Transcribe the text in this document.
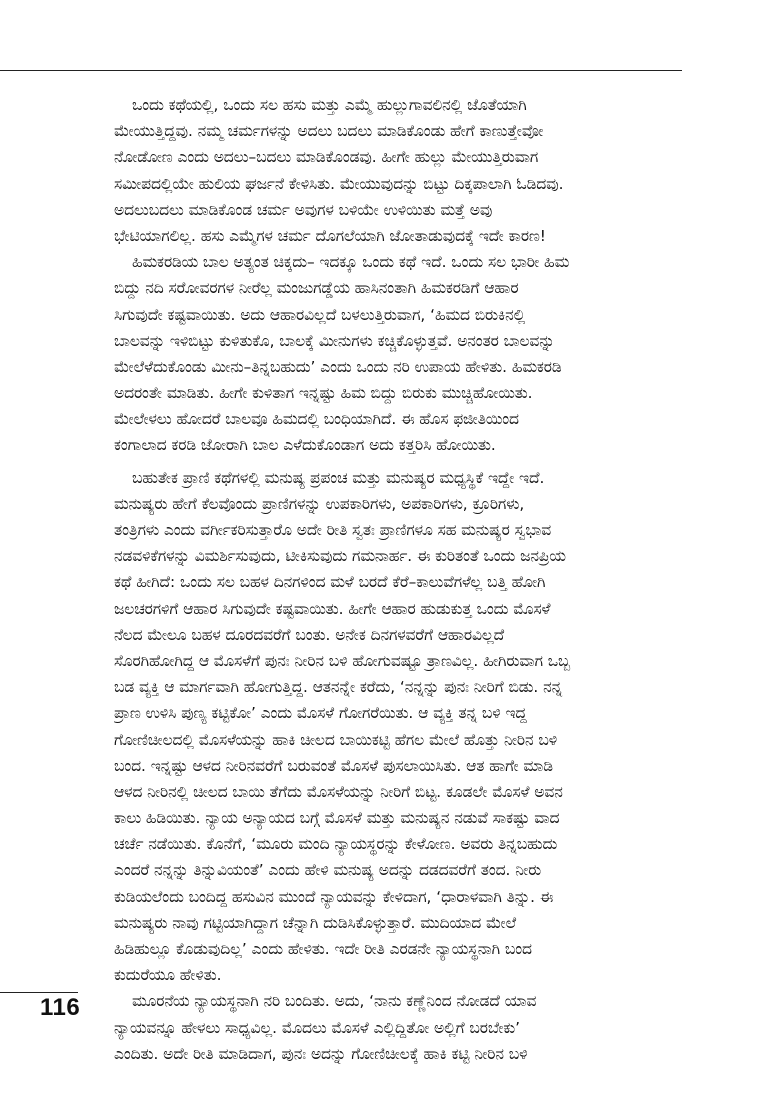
ಒಂದು ಕಥೆಯಲ್ಲಿ, ಒಂದು ಸಲ ಹಸು ಮತ್ತು ಎಮ್ಮೆ ಹುಲ್ಲುಗಾವಲಿನಲ್ಲಿ ಜೊತೆಯಾಗಿ
ಮೇಯುತ್ತಿದ್ದವು. ನಮ್ಮ ಚರ್ಮಗಳನ್ನು ಅದಲು ಬದಲು ಮಾಡಿಕೊಂಡು ಹೇಗೆ ಕಾಣುತ್ತೇವೋ
ನೋಡೋಣ ಎಂದು ಅದಲು–ಬದಲು ಮಾಡಿಕೊಂಡವು. ಹೀಗೇ ಹುಲ್ಲು ಮೇಯುತ್ತಿರುವಾಗ
ಸಮೀಪದಲ್ಲಿಯೇ ಹುಲಿಯ ಘರ್ಜನೆ ಕೇಳಿಸಿತು. ಮೇಯುವುದನ್ನು ಬಿಟ್ಟು ದಿಕ್ಕಪಾಲಾಗಿ ಓಡಿದವು.
ಅದಲುಬದಲು ಮಾಡಿಕೊಂಡ ಚರ್ಮ ಅವುಗಳ ಬಳಿಯೇ ಉಳಿಯಿತು ಮತ್ತೆ ಅವು
ಭೇಟಿಯಾಗಲಿಲ್ಲ. ಹಸು ಎಮ್ಮೆಗಳ ಚರ್ಮ ದೊಗಲೆಯಾಗಿ ಜೋತಾಡುವುದಕ್ಕೆ ಇದೇ ಕಾರಣ!
ಹಿಮಕರಡಿಯ ಬಾಲ ಅತ್ಯಂತ ಚಿಕ್ಕದು– ಇದಕ್ಕೂ ಒಂದು ಕಥೆ ಇದೆ. ಒಂದು ಸಲ ಭಾರೀ ಹಿಮ
ಬಿದ್ದು ನದಿ ಸರೋವರಗಳ ನೀರೆಲ್ಲ ಮಂಜುಗಡ್ಡೆಯ ಹಾಸಿನಂತಾಗಿ ಹಿಮಕರಡಿಗೆ ಆಹಾರ
ಸಿಗುವುದೇ ಕಷ್ಟವಾಯಿತು. ಅದು ಆಹಾರವಿಲ್ಲದೆ ಬಳಲುತ್ತಿರುವಾಗ, ‘ಹಿಮದ ಬಿರುಕಿನಲ್ಲಿ
ಬಾಲವನ್ನು ಇಳಿಬಿಟ್ಟು ಕುಳಿತುಕೊ, ಬಾಲಕ್ಕೆ ಮೀನುಗಳು ಕಚ್ಚಿಕೊಳ್ಳುತ್ತವೆ. ಅನಂತರ ಬಾಲವನ್ನು
ಮೇಲೆಳೆದುಕೊಂಡು ಮೀನು–ತಿನ್ನಬಹುದು’ ಎಂದು ಒಂದು ನರಿ ಉಪಾಯ ಹೇಳಿತು. ಹಿಮಕರಡಿ
ಅದರಂತೇ ಮಾಡಿತು. ಹೀಗೇ ಕುಳಿತಾಗ ಇನ್ನಷ್ಟು ಹಿಮ ಬಿದ್ದು ಬಿರುಕು ಮುಚ್ಚಿಹೋಯಿತು.
ಮೇಲೇಳಲು ಹೋದರೆ ಬಾಲವೂ ಹಿಮದಲ್ಲಿ ಬಂಧಿಯಾಗಿದೆ. ಈ ಹೊಸ ಫಜೀತಿಯಿಂದ
ಕಂಗಾಲಾದ ಕರಡಿ ಜೋರಾಗಿ ಬಾಲ ಎಳೆದುಕೊಂಡಾಗ ಅದು ಕತ್ತರಿಸಿ ಹೋಯಿತು.
ಬಹುತೇಕ ಪ್ರಾಣಿ ಕಥೆಗಳಲ್ಲಿ ಮನುಷ್ಯ ಪ್ರಪಂಚ ಮತ್ತು ಮನುಷ್ಯರ ಮಧ್ಯಸ್ಥಿಕೆ ಇದ್ದೇ ಇದೆ.
ಮನುಷ್ಯರು ಹೇಗೆ ಕೆಲವೊಂದು ಪ್ರಾಣಿಗಳನ್ನು ಉಪಕಾರಿಗಳು, ಅಪಕಾರಿಗಳು, ಕ್ರೂರಿಗಳು,
ತಂತ್ರಿಗಳು ಎಂದು ವರ್ಗೀಕರಿಸುತ್ತಾರೊ ಅದೇ ರೀತಿ ಸ್ವತಃ ಪ್ರಾಣಿಗಳೂ ಸಹ ಮನುಷ್ಯರ ಸ್ವಭಾವ
ನಡವಳಿಕೆಗಳನ್ನು ವಿಮರ್ಶಿಸುವುದು, ಟೀಕಿಸುವುದು ಗಮನಾರ್ಹ. ಈ ಕುರಿತಂತೆ ಒಂದು ಜನಪ್ರಿಯ
ಕಥೆ ಹೀಗಿದೆ: ಒಂದು ಸಲ ಬಹಳ ದಿನಗಳಿಂದ ಮಳೆ ಬರದೆ ಕೆರೆ–ಕಾಲುವೆಗಳೆಲ್ಲ ಬತ್ತಿ ಹೋಗಿ
ಜಲಚರಗಳಿಗೆ ಆಹಾರ ಸಿಗುವುದೇ ಕಷ್ಟವಾಯಿತು. ಹೀಗೇ ಆಹಾರ ಹುಡುಕುತ್ತ ಒಂದು ಮೊಸಳೆ
ನೆಲದ ಮೇಲೂ ಬಹಳ ದೂರದವರೆಗೆ ಬಂತು. ಅನೇಕ ದಿನಗಳವರೆಗೆ ಆಹಾರವಿಲ್ಲದೆ
ಸೊರಗಿಹೋಗಿದ್ದ ಆ ಮೊಸಳೆಗೆ ಪುನಃ ನೀರಿನ ಬಳಿ ಹೋಗುವಷ್ಟೂ ತ್ರಾಣವಿಲ್ಲ. ಹೀಗಿರುವಾಗ ಒಬ್ಬ
ಬಡ ವ್ಯಕ್ತಿ ಆ ಮಾರ್ಗವಾಗಿ ಹೋಗುತ್ತಿದ್ದ. ಆತನನ್ನೇ ಕರೆದು, ‘ನನ್ನನ್ನು ಪುನಃ ನೀರಿಗೆ ಬಿಡು. ನನ್ನ
ಪ್ರಾಣ ಉಳಿಸಿ ಪುಣ್ಯ ಕಟ್ಟಿಕೋ’ ಎಂದು ಮೊಸಳೆ ಗೋಗರೆಯಿತು. ಆ ವ್ಯಕ್ತಿ ತನ್ನ ಬಳಿ ಇದ್ದ
ಗೋಣಿಚೀಲದಲ್ಲಿ ಮೊಸಳೆಯನ್ನು ಹಾಕಿ ಚೀಲದ ಬಾಯಿಕಟ್ಟಿ ಹೆಗಲ ಮೇಲೆ ಹೊತ್ತು ನೀರಿನ ಬಳಿ
ಬಂದ. ಇನ್ನಷ್ಟು ಆಳದ ನೀರಿನವರೆಗೆ ಬರುವಂತೆ ಮೊಸಳೆ ಪುಸಲಾಯಿಸಿತು. ಆತ ಹಾಗೇ ಮಾಡಿ
ಆಳದ ನೀರಿನಲ್ಲಿ ಚೀಲದ ಬಾಯಿ ತೆಗೆದು ಮೊಸಳೆಯನ್ನು ನೀರಿಗೆ ಬಿಟ್ಟ. ಕೂಡಲೇ ಮೊಸಳೆ ಅವನ
ಕಾಲು ಹಿಡಿಯಿತು. ನ್ಯಾಯ ಅನ್ಯಾಯದ ಬಗ್ಗೆ ಮೊಸಳೆ ಮತ್ತು ಮನುಷ್ಯನ ನಡುವೆ ಸಾಕಷ್ಟು ವಾದ
ಚರ್ಚೆ ನಡೆಯಿತು. ಕೊನೆಗೆ, ‘ಮೂರು ಮಂದಿ ನ್ಯಾಯಸ್ಥರನ್ನು ಕೇಳೋಣ. ಅವರು ತಿನ್ನಬಹುದು
ಎಂದರೆ ನನ್ನನ್ನು ತಿನ್ನುವಿಯಂತೆ’ ಎಂದು ಹೇಳಿ ಮನುಷ್ಯ ಅದನ್ನು ದಡದವರೆಗೆ ತಂದ. ನೀರು
ಕುಡಿಯಲೆಂದು ಬಂದಿದ್ದ ಹಸುವಿನ ಮುಂದೆ ನ್ಯಾಯವನ್ನು ಕೇಳಿದಾಗ, ‘ಧಾರಾಳವಾಗಿ ತಿನ್ನು. ಈ
ಮನುಷ್ಯರು ನಾವು ಗಟ್ಟಿಯಾಗಿದ್ದಾಗ ಚೆನ್ನಾಗಿ ದುಡಿಸಿಕೊಳ್ಳುತ್ತಾರೆ. ಮುದಿಯಾದ ಮೇಲೆ
ಹಿಡಿಹುಲ್ಲೂ ಕೊಡುವುದಿಲ್ಲ’ ಎಂದು ಹೇಳಿತು. ಇದೇ ರೀತಿ ಎರಡನೇ ನ್ಯಾಯಸ್ಥನಾಗಿ ಬಂದ
ಕುದುರೆಯೂ ಹೇಳಿತು.
ಮೂರನೆಯ ನ್ಯಾಯಸ್ಥನಾಗಿ ನರಿ ಬಂದಿತು. ಅದು, ‘ನಾನು ಕಣ್ಣೆನಿಂದ ನೋಡದೆ ಯಾವ
ನ್ಯಾಯವನ್ನೂ ಹೇಳಲು ಸಾಧ್ಯವಿಲ್ಲ. ಮೊದಲು ಮೊಸಳೆ ಎಲ್ಲಿದ್ದಿತೋ ಅಲ್ಲಿಗೆ ಬರಬೇಕು’
ಎಂದಿತು. ಅದೇ ರೀತಿ ಮಾಡಿದಾಗ, ಪುನಃ ಅದನ್ನು ಗೋಣಿಚೀಲಕ್ಕೆ ಹಾಕಿ ಕಟ್ಟಿ ನೀರಿನ ಬಳಿ
116
